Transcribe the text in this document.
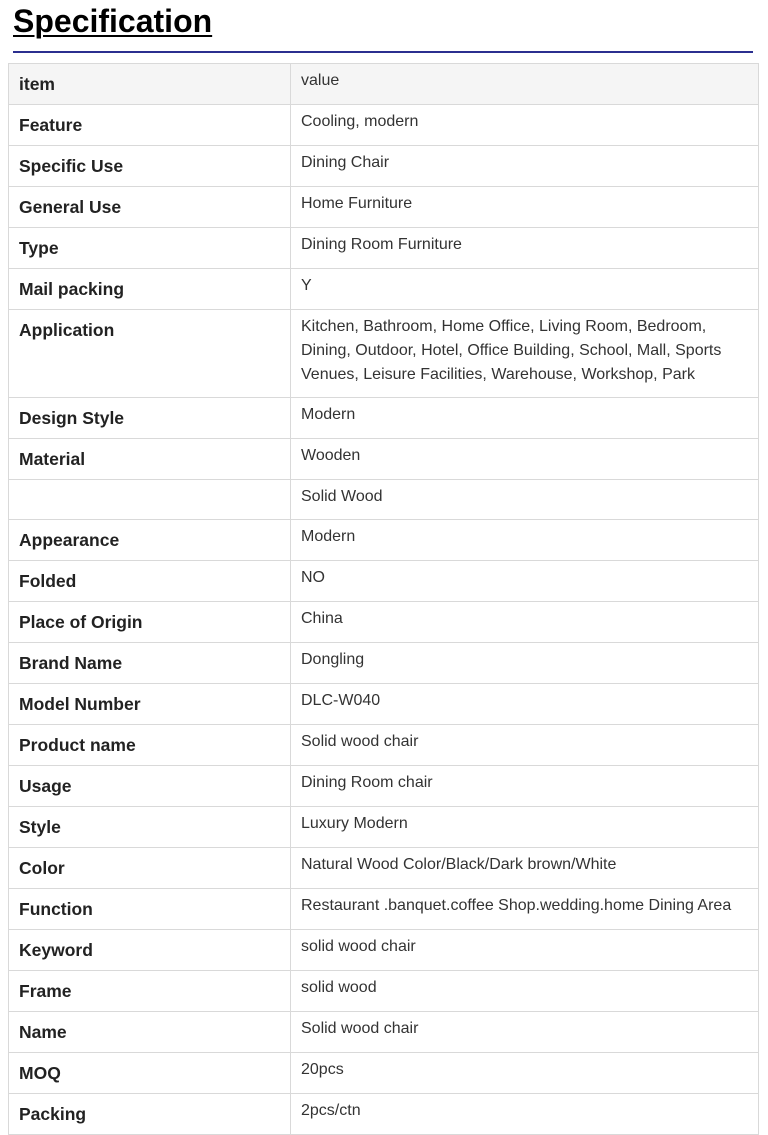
Specification
item	value
Feature	Cooling, modern
Specific Use	Dining Chair
General Use	Home Furniture
Type	Dining Room Furniture
Mail packing	Y
Application	Kitchen, Bathroom, Home Office, Living Room, Bedroom, Dining, Outdoor, Hotel, Office Building, School, Mall, Sports Venues, Leisure Facilities, Warehouse, Workshop, Park
Design Style	Modern
Material	Wooden
	Solid Wood
Appearance	Modern
Folded	NO
Place of Origin	China
Brand Name	Dongling
Model Number	DLC-W040
Product name	Solid wood chair
Usage	Dining Room chair
Style	Luxury Modern
Color	Natural Wood Color/Black/Dark brown/White
Function	Restaurant .banquet.coffee Shop.wedding.home Dining Area
Keyword	solid wood chair
Frame	solid wood
Name	Solid wood chair
MOQ	20pcs
Packing	2pcs/ctn
